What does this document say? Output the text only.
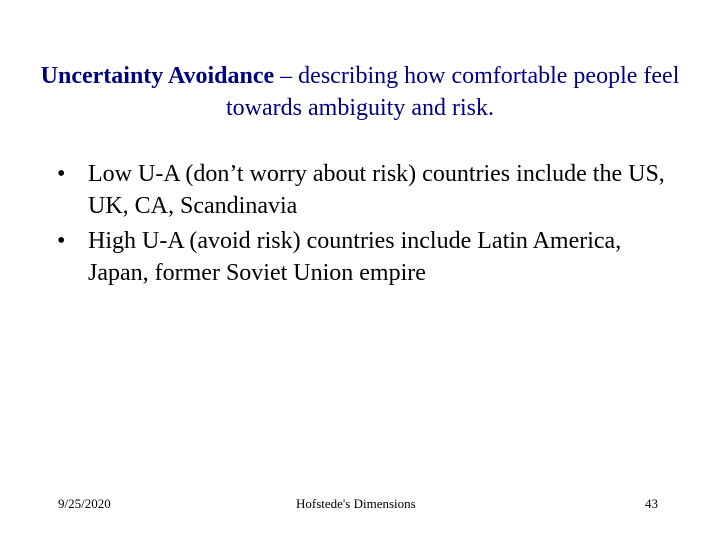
Uncertainty Avoidance – describing how comfortable people feel towards ambiguity and risk.
• Low U-A (don’t worry about risk) countries include the US, UK, CA, Scandinavia
• High U-A (avoid risk) countries include Latin America, Japan, former Soviet Union empire
9/25/2020	Hofstede's Dimensions	43
